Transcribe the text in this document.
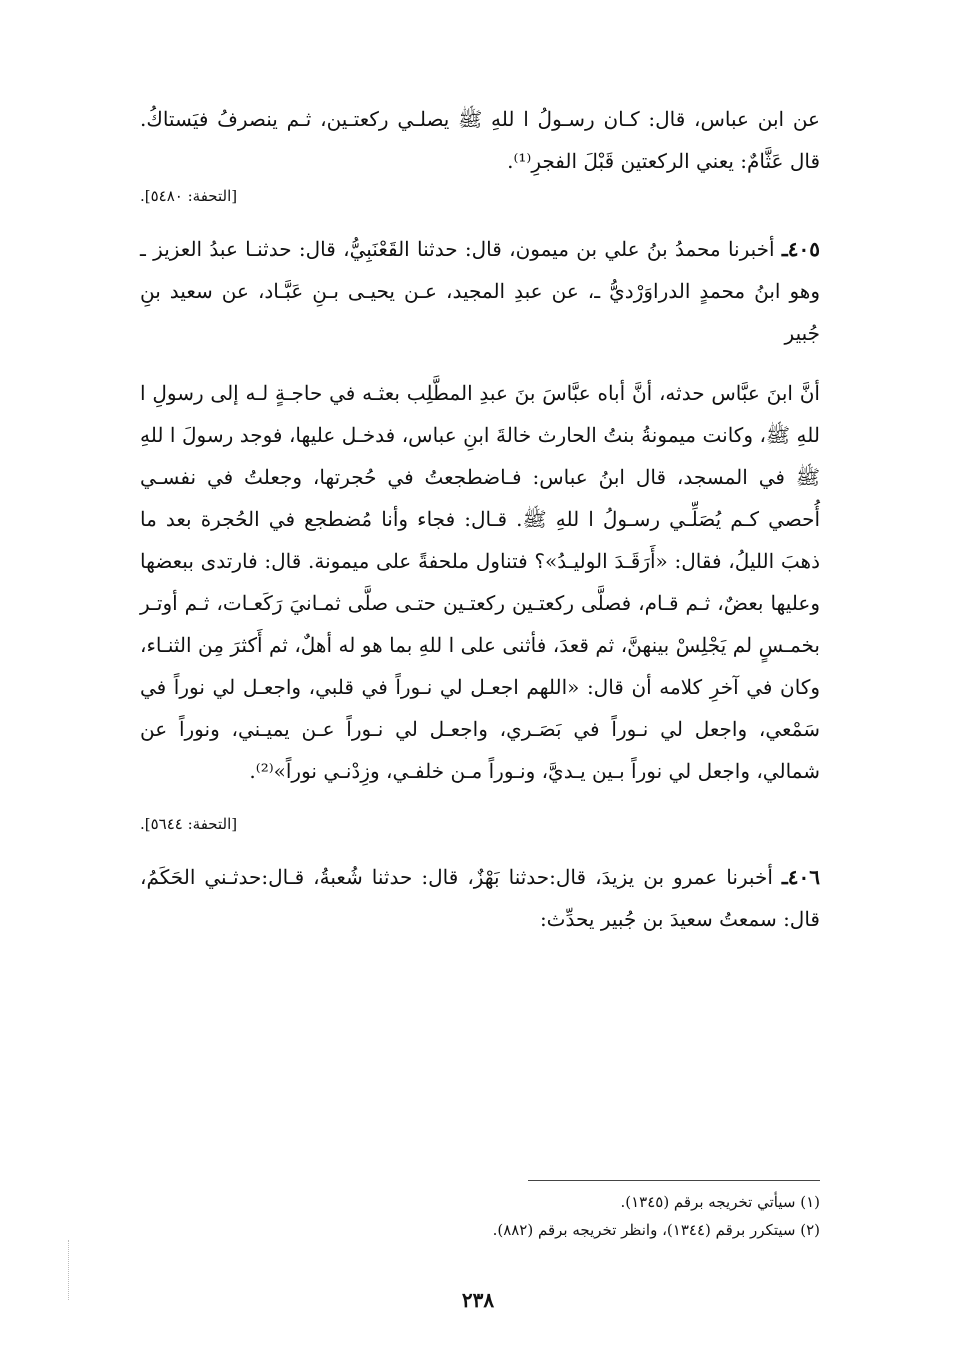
عن ابن عباس، قال: كـان رسـولُ ا للهِ ﷺ يصلـي ركعتـين، ثـم ينصرفُ فيَستاكُ. قال عَثَّامٌ: يعني الركعتين قَبْلَ الفجرِ⁽¹⁾.

[التحفة: ٥٤٨٠].

٤٠٥ـ أخبرنا محمدُ بنُ علي بن ميمون، قال: حدثنا القَعْنَبِيُّ، قال: حدثنـا عبدُ العزيز ـ وهو ابنُ محمدٍ الدراوَرْديُّ ـ، عن عبدِ المجيد، عـن يحيـى بـنِ عَبَّـاد، عن سعيد بنِ جُبير

أنَّ ابنَ عبَّاس حدثه، أنَّ أباه عبَّاسَ بنَ عبدِ المطَّلِب بعثـه في حاجـةٍ لـه إلى رسولِ ا للهِ ﷺ، وكانت ميمونةُ بنتُ الحارث خالةَ ابنِ عباس، فدخـل عليها، فوجد رسولَ ا للهِ ﷺ في المسجد، قال ابنُ عباس: فـاضطجعتُ في حُجرتها، وجعلتُ في نفسـي أُحصي كـم يُصَلِّـي رسـولُ ا للهِ ﷺ. قـال: فجاء وأنا مُضطجع في الحُجرة بعد ما ذهبَ الليلُ، فقال: «أَرَقَـدَ الوليـدُ»؟ فتناول ملحفةً على ميمونة. قال: فارتدى ببعضها وعليها بعضٌ، ثـم قـام، فصلَّى ركعتـين ركعتـين حتـى صلَّى ثمـانيَ رَكَعـات، ثـم أوتـر بخمـسٍ لم يَجْلِسْ بينهنَّ، ثم قعدَ، فأثنى على ا للهِ بما هو له أهلٌ، ثم أَكثرَ مِن الثنـاء، وكان في آخرِ كلامه أن قال: «اللهم اجعـل لي نـوراً في قلبي، واجعـل لي نوراً في سَمْعي، واجعل لي نـوراً في بَصَـري، واجعـل لي نـوراً عـن يميـني، ونوراً عن شمالي، واجعل لي نوراً بـين يـديَّ، ونـوراً مـن خلفـي، وزِدْنـي نوراً»⁽²⁾.

[التحفة: ٥٦٤٤].

٤٠٦ـ أخبرنا عمرو بن يزيدَ، قال:حدثنا بَهْزٌ، قال: حدثنا شُعبةُ، قـال:حدثـني الحَكَمُ، قال: سمعتُ سعيدَ بن جُبير يحدِّث:

(١) سيأتي تخريجه برقم (١٣٤٥).
(٢) سيتكرر برقم (١٣٤٤)، وانظر تخريجه برقم (٨٨٢).
٢٣٨
